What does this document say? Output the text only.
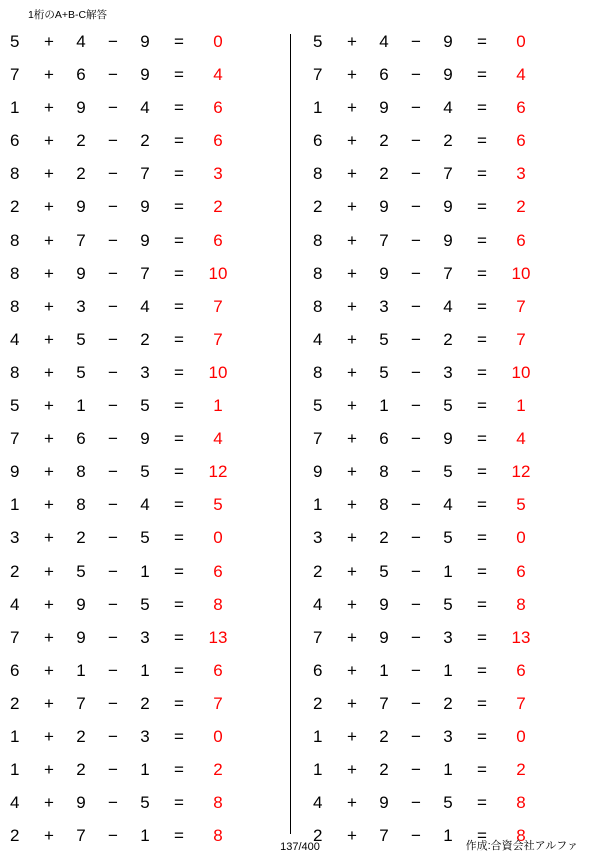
1桁のA+B-C解答
5	+	4	−	9	=	0
7	+	6	−	9	=	4
1	+	9	−	4	=	6
6	+	2	−	2	=	6
8	+	2	−	7	=	3
2	+	9	−	9	=	2
8	+	7	−	9	=	6
8	+	9	−	7	=	10
8	+	3	−	4	=	7
4	+	5	−	2	=	7
8	+	5	−	3	=	10
5	+	1	−	5	=	1
7	+	6	−	9	=	4
9	+	8	−	5	=	12
1	+	8	−	4	=	5
3	+	2	−	5	=	0
2	+	5	−	1	=	6
4	+	9	−	5	=	8
7	+	9	−	3	=	13
6	+	1	−	1	=	6
2	+	7	−	2	=	7
1	+	2	−	3	=	0
1	+	2	−	1	=	2
4	+	9	−	5	=	8
2	+	7	−	1	=	8
5	+	4	−	9	=	0
7	+	6	−	9	=	4
1	+	9	−	4	=	6
6	+	2	−	2	=	6
8	+	2	−	7	=	3
2	+	9	−	9	=	2
8	+	7	−	9	=	6
8	+	9	−	7	=	10
8	+	3	−	4	=	7
4	+	5	−	2	=	7
8	+	5	−	3	=	10
5	+	1	−	5	=	1
7	+	6	−	9	=	4
9	+	8	−	5	=	12
1	+	8	−	4	=	5
3	+	2	−	5	=	0
2	+	5	−	1	=	6
4	+	9	−	5	=	8
7	+	9	−	3	=	13
6	+	1	−	1	=	6
2	+	7	−	2	=	7
1	+	2	−	3	=	0
1	+	2	−	1	=	2
4	+	9	−	5	=	8
2	+	7	−	1	=	8
137/400	作成:合資会社アルファ
